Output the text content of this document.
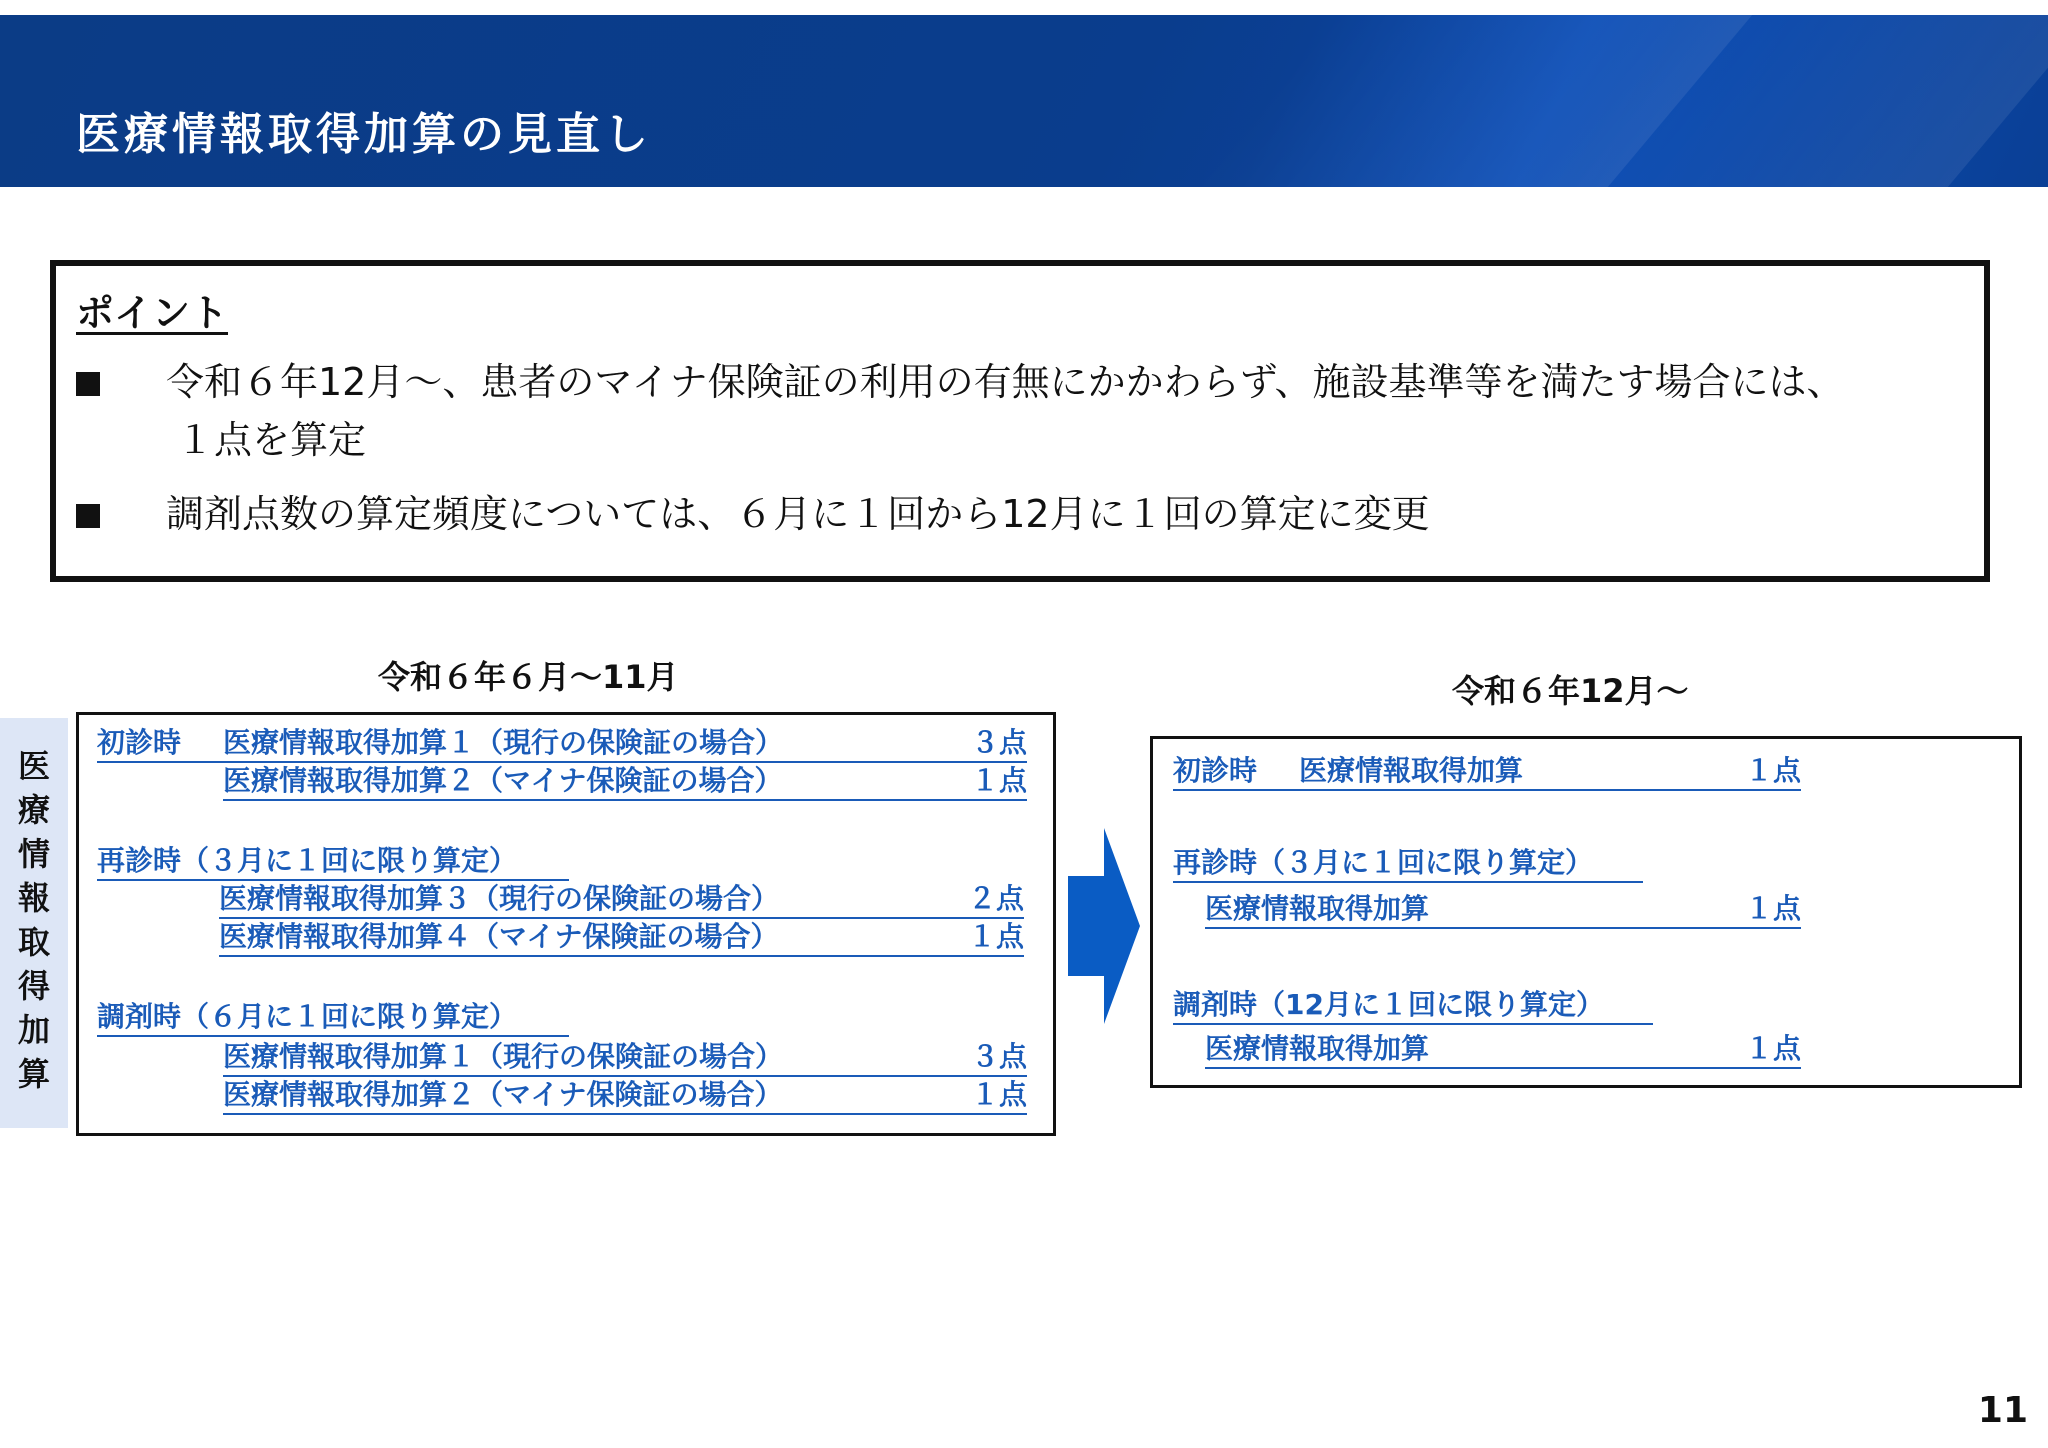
医療情報取得加算の見直し
ポイント
令和６年12月～、患者のマイナ保険証の利用の有無にかかわらず、施設基準等を満たす場合には、
１点を算定
調剤点数の算定頻度については、６月に１回から12月に１回の算定に変更
令和６年６月～11月	令和６年12月～
医
療
情
報
取
得
加
算
初診時 医療情報取得加算１（現行の保険証の場合）	３点
医療情報取得加算２（マイナ保険証の場合）	１点
再診時（３月に１回に限り算定）
医療情報取得加算３（現行の保険証の場合）	２点
医療情報取得加算４（マイナ保険証の場合）	１点
調剤時（６月に１回に限り算定）
医療情報取得加算１（現行の保険証の場合）	３点
医療情報取得加算２（マイナ保険証の場合）	１点
初診時 医療情報取得加算	１点
再診時（３月に１回に限り算定）
医療情報取得加算	１点
調剤時（12月に１回に限り算定）
医療情報取得加算	１点
11
